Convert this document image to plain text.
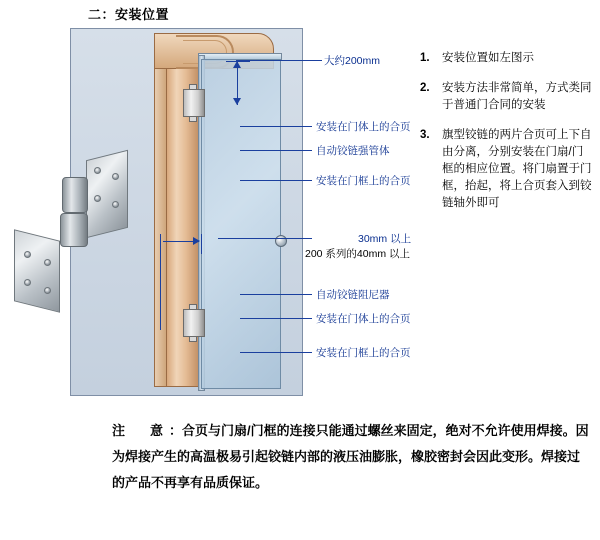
二：安装位置
大约200mm
安装在门体上的合页
自动铰链强管体
安装在门框上的合页
30mm 以上
200 系列的40mm 以上
自动铰链阻尼器
安装在门体上的合页
安装在门框上的合页
1. 安装位置如左图示
2. 安装方法非常简单，方式类同于普通门合同的安装
3. 旗型铰链的两片合页可上下自由分离，分别安装在门扇/门框的相应位置。将门扇置于门框，抬起，将上合页套入到铰链轴外即可
注　意：合页与门扇/门框的连接只能通过螺丝来固定，绝对不允许使用焊接。因为焊接产生的高温极易引起铰链内部的液压油膨胀，橡胶密封会因此变形。焊接过的产品不再享有品质保证。
